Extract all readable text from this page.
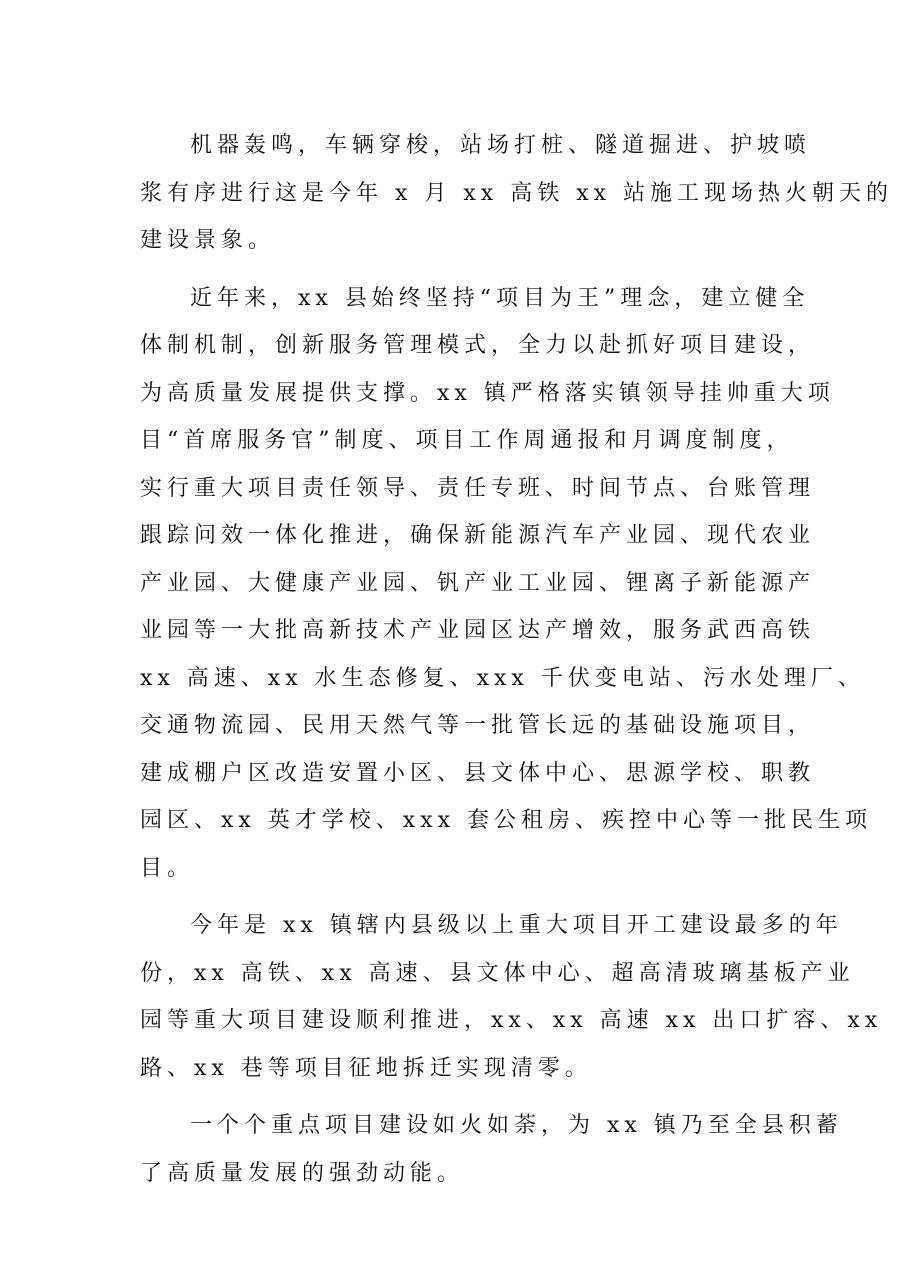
机器轰鸣，车辆穿梭，站场打桩、隧道掘进、护坡喷
浆有序进行这是今年 x 月 xx 高铁 xx 站施工现场热火朝天的
建设景象。
近年来，xx 县始终坚持“项目为王”理念，建立健全
体制机制，创新服务管理模式，全力以赴抓好项目建设，
为高质量发展提供支撑。xx 镇严格落实镇领导挂帅重大项
目“首席服务官”制度、项目工作周通报和月调度制度，
实行重大项目责任领导、责任专班、时间节点、台账管理
跟踪问效一体化推进，确保新能源汽车产业园、现代农业
产业园、大健康产业园、钒产业工业园、锂离子新能源产
业园等一大批高新技术产业园区达产增效，服务武西高铁
xx 高速、xx 水生态修复、xxx 千伏变电站、污水处理厂、
交通物流园、民用天然气等一批管长远的基础设施项目，
建成棚户区改造安置小区、县文体中心、思源学校、职教
园区、xx 英才学校、xxx 套公租房、疾控中心等一批民生项
目。
今年是 xx 镇辖内县级以上重大项目开工建设最多的年
份，xx 高铁、xx 高速、县文体中心、超高清玻璃基板产业
园等重大项目建设顺利推进，xx、xx 高速 xx 出口扩容、xx
路、xx 巷等项目征地拆迁实现清零。
一个个重点项目建设如火如荼，为 xx 镇乃至全县积蓄
了高质量发展的强劲动能。
